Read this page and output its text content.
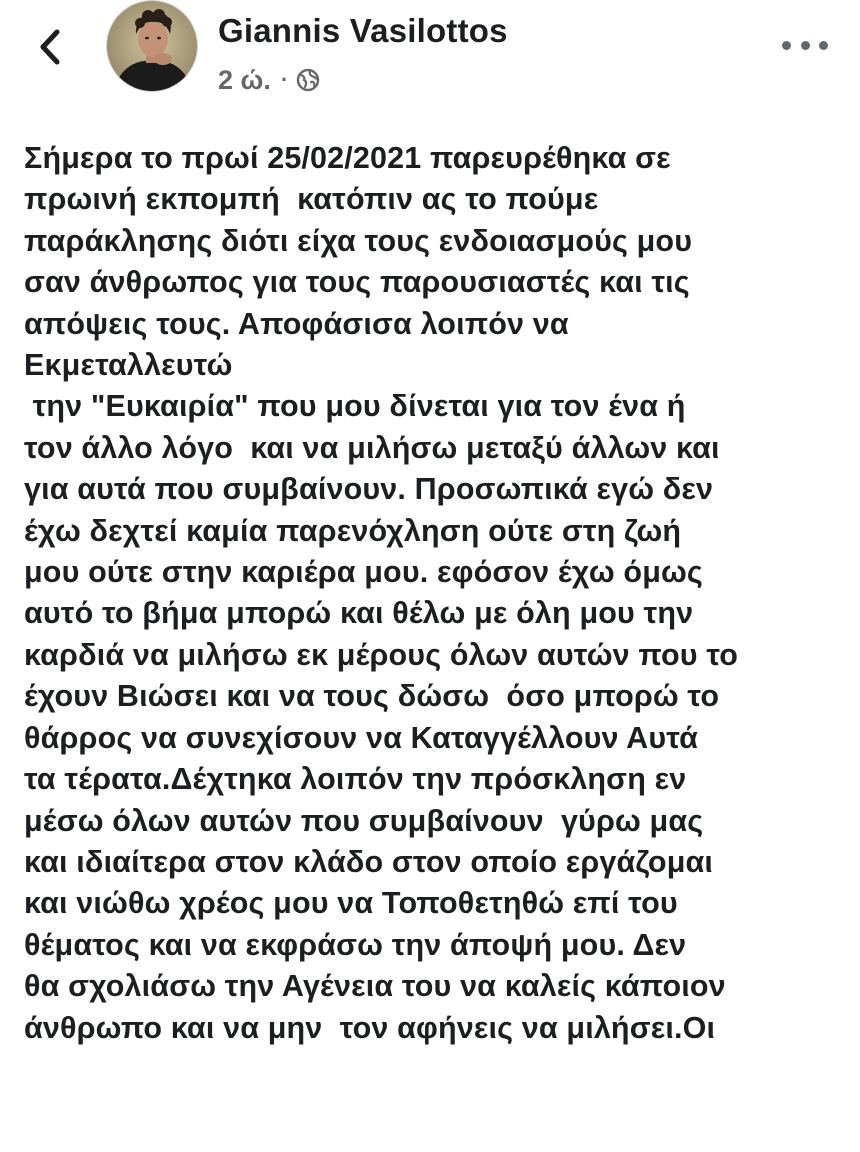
Giannis Vasilottos
2 ώ. ·
Σήμερα το πρωί 25/02/2021 παρευρέθηκα σε
πρωινή εκπομπή  κατόπιν ας το πούμε
παράκλησης διότι είχα τους ενδοιασμούς μου
σαν άνθρωπος για τους παρουσιαστές και τις
απόψεις τους. Αποφάσισα λοιπόν να
Εκμεταλλευτώ
την "Ευκαιρία" που μου δίνεται για τον ένα ή
τον άλλο λόγο  και να μιλήσω μεταξύ άλλων και
για αυτά που συμβαίνουν. Προσωπικά εγώ δεν
έχω δεχτεί καμία παρενόχληση ούτε στη ζωή
μου ούτε στην καριέρα μου. εφόσον έχω όμως
αυτό το βήμα μπορώ και θέλω με όλη μου την
καρδιά να μιλήσω εκ μέρους όλων αυτών που το
έχουν Βιώσει και να τους δώσω  όσο μπορώ το
θάρρος να συνεχίσουν να Καταγγέλλουν Αυτά
τα τέρατα.Δέχτηκα λοιπόν την πρόσκληση εν
μέσω όλων αυτών που συμβαίνουν  γύρω μας
και ιδιαίτερα στον κλάδο στον οποίο εργάζομαι
και νιώθω χρέος μου να Τοποθετηθώ επί του
θέματος και να εκφράσω την άποψή μου. Δεν
θα σχολιάσω την Αγένεια του να καλείς κάποιον
άνθρωπο και να μην  τον αφήνεις να μιλήσει.Οι
